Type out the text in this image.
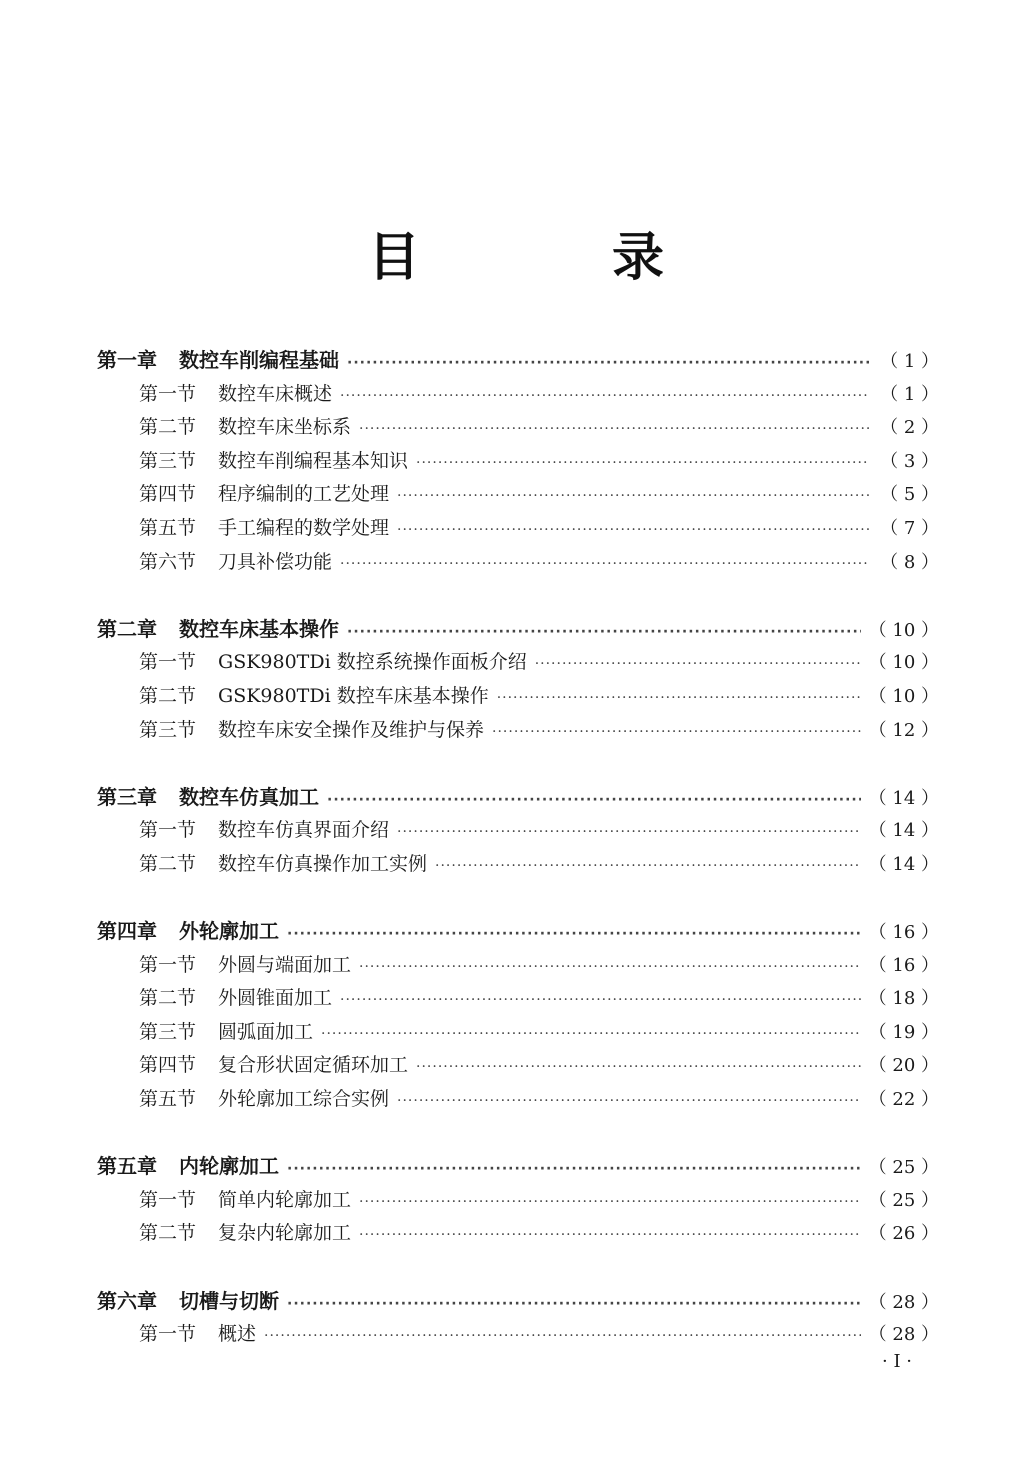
目　录
第一章 数控车削编程基础 ·····	（ 1 ）
第一节 数控车床概述 ·····	（ 1 ）
第二节 数控车床坐标系 ·····	（ 2 ）
第三节 数控车削编程基本知识 ·····	（ 3 ）
第四节 程序编制的工艺处理 ·····	（ 5 ）
第五节 手工编程的数学处理 ·····	（ 7 ）
第六节 刀具补偿功能 ·····	（ 8 ）
第二章 数控车床基本操作 ·····	（ 10 ）
第一节 GSK980TDi 数控系统操作面板介绍 ·····	（ 10 ）
第二节 GSK980TDi 数控车床基本操作 ·····	（ 10 ）
第三节 数控车床安全操作及维护与保养 ·····	（ 12 ）
第三章 数控车仿真加工 ·····	（ 14 ）
第一节 数控车仿真界面介绍 ·····	（ 14 ）
第二节 数控车仿真操作加工实例 ·····	（ 14 ）
第四章 外轮廓加工 ·····	（ 16 ）
第一节 外圆与端面加工 ·····	（ 16 ）
第二节 外圆锥面加工 ·····	（ 18 ）
第三节 圆弧面加工 ·····	（ 19 ）
第四节 复合形状固定循环加工 ·····	（ 20 ）
第五节 外轮廓加工综合实例 ·····	（ 22 ）
第五章 内轮廓加工 ·····	（ 25 ）
第一节 简单内轮廓加工 ·····	（ 25 ）
第二节 复杂内轮廓加工 ·····	（ 26 ）
第六章 切槽与切断 ·····	（ 28 ）
第一节 概述 ·····	（ 28 ）
· I ·
